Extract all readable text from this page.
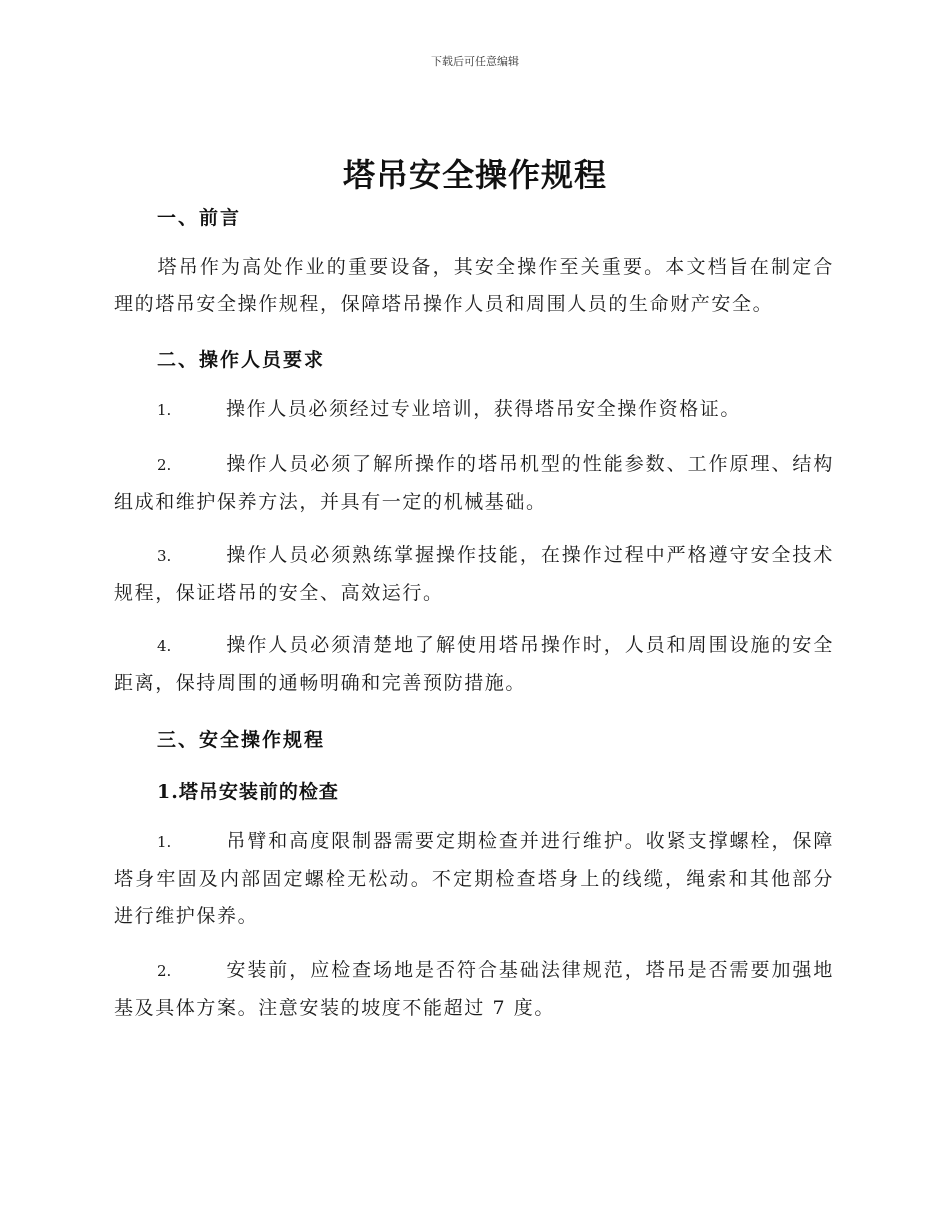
下载后可任意编辑
塔吊安全操作规程
一、前言
塔吊作为高处作业的重要设备，其安全操作至关重要。本文档旨在制定合理的塔吊安全操作规程，保障塔吊操作人员和周围人员的生命财产安全。
二、操作人员要求
1.	操作人员必须经过专业培训，获得塔吊安全操作资格证。
2.	操作人员必须了解所操作的塔吊机型的性能参数、工作原理、结构组成和维护保养方法，并具有一定的机械基础。
3.	操作人员必须熟练掌握操作技能，在操作过程中严格遵守安全技术规程，保证塔吊的安全、高效运行。
4.	操作人员必须清楚地了解使用塔吊操作时，人员和周围设施的安全距离，保持周围的通畅明确和完善预防措施。
三、安全操作规程
1.塔吊安装前的检查
1.	吊臂和高度限制器需要定期检查并进行维护。收紧支撑螺栓，保障塔身牢固及内部固定螺栓无松动。不定期检查塔身上的线缆，绳索和其他部分进行维护保养。
2.	安装前，应检查场地是否符合基础法律规范，塔吊是否需要加强地基及具体方案。注意安装的坡度不能超过 7 度。
